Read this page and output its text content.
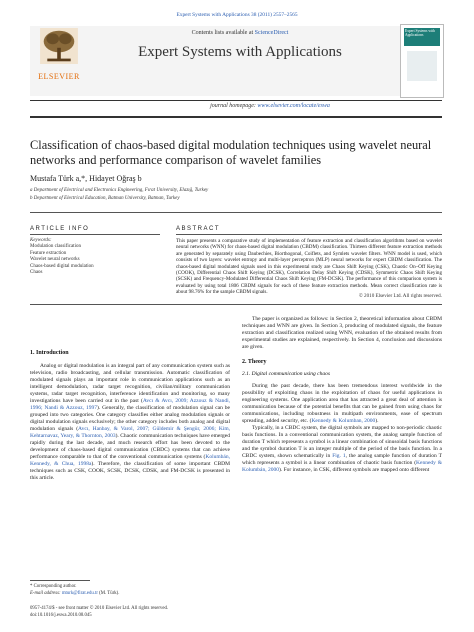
Expert Systems with Applications 38 (2011) 2557–2565
ELSEVIER
Contents lists available at ScienceDirect
Expert Systems with Applications
Expert Systems with Applications
journal homepage: www.elsevier.com/locate/eswa
Classification of chaos-based digital modulation techniques using wavelet neural networks and performance comparison of wavelet families
Mustafa Türk a,*, Hidayet Oğraş b
a Department of Electrical and Electronics Engineering, Fırat University, Elazığ, Turkey
b Department of Electrical Education, Batman University, Batman, Turkey
ARTICLE INFO	ABSTRACT
Keywords:
Modulation classification
Feature extraction
Wavelet neural networks
Chaos-based digital modulation
Chaos
This paper presents a comparative study of implementation of feature extraction and classification algorithms based on wavelet neural networks (WNN) for chaos-based digital modulation (CBDM) classification. Thirteen different feature extraction methods are generated by separately using Daubechies, Biorthogonal, Coiflets, and Symlets wavelet filters. WNN model is used, which consists of two layers: wavelet entropy and multi-layer perceptron (MLP) neural networks for expert CBDM classification. The chaos-based digital modulated signals used in this experimental study are Chaos Shift Keying (CSK), Chaotic On–Off Keying (COOK), Differential Chaos Shift Keying (DCSK), Correlation Delay Shift Keying (CDSK), Symmetric Chaos Shift Keying (SCSK) and Frequency-Modulated Differential Chaos Shift Keying (FM-DCSK). The performance of this comparison system is evaluated by using total 1806 CBDM signals for each of these feature extraction methods. Mean correct classification rate is about 98.76% for the sample CBDM signals.
© 2010 Elsevier Ltd. All rights reserved.
1. Introduction
Analog or digital modulation is an integral part of any communication system such as television, radio broadcasting, and cellular transmission. Automatic classification of modulated signals plays an important role in communication applications such as an intelligent demodulation, radar target recognition, civilian/military communication systems, radar target recognition, interference identification and monitoring, so many investigations have been carried out in the past (Avcı & Avcı, 2009; Azzouz & Nandi, 1996; Nandi & Azzouz, 1997). Generally, the classification of modulation signal can be grouped into two categories. One category classifies either analog modulation signals or digital modulation signals exclusively; the other category includes both analog and digital modulation signals (Avcı, Hanbay, & Varol, 2007; Güldemir & Şengür, 2006; Kim, Kehtarnavaz, Yeary, & Thornton, 2003). Chaotic communication techniques have emerged rapidly during the last decade, and much research effort has been devoted to the development of chaos-based digital communication (CBDC) systems that can achieve performance comparable to that of the conventional communication systems (Kolumbán, Kennedy, & Chua, 1998a). Therefore, the classification of some important CBDM techniques such as CSK, COOK, SCSK, DCSK, CDSK, and FM-DCSK is presented in this article.
The paper is organized as follows: in Section 2, theoretical information about CBDM techniques and WNN are given. In Section 3, producing of modulated signals, the feature extraction and classification realized using WNN, evaluation of the obtained results from experimental studies are explained, respectively. In Section 4, conclusion and discussions are given.
2. Theory
2.1. Digital communication using chaos
During the past decade, there has been tremendous interest worldwide in the possibility of exploiting chaos in the exploitation of chaos for useful applications in engineering systems. One application area that has attracted a great deal of attention is communication because of the potential benefits that can be gained from using chaos for communications, including robustness in multipath environments, ease of spectrum spreading, added security, etc. (Kennedy & Kolumban, 2000).
Typically, in a CBDC system, the digital symbols are mapped to non-periodic chaotic basis functions. In a conventional communication system, the analog sample function of duration T which represents a symbol is a linear combination of sinusoidal basis functions and the symbol duration T is an integer multiple of the period of the basis function. In a CBDC system, shown schematically in Fig. 1, the analog sample function of duration T which represents a symbol is a linear combination of chaotic basis function (Kennedy & Kolumbán, 2000). For instance, in CSK, different symbols are mapped onto different
* Corresponding author.
E-mail address: mturk@firat.edu.tr (M. Türk).
0957-4174/$ - see front matter © 2010 Elsevier Ltd. All rights reserved.
doi:10.1016/j.eswa.2010.08.045
